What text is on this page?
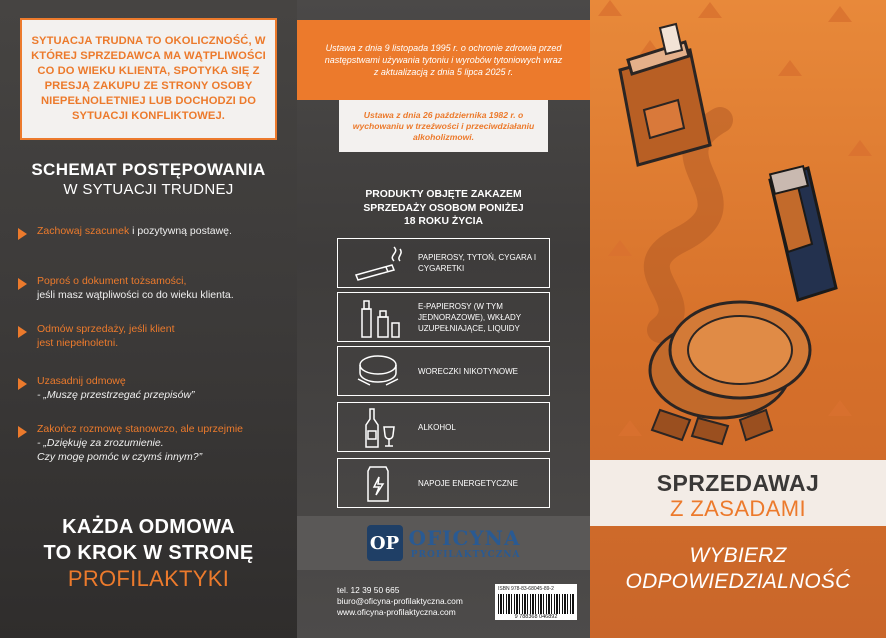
SYTUACJA TRUDNA TO OKOLICZNOŚĆ, W KTÓREJ SPRZEDAWCA MA WĄTPLIWOŚCI CO DO WIEKU KLIENTA, SPOTYKA SIĘ Z PRESJĄ ZAKUPU ZE STRONY OSOBY NIEPEŁNOLETNIEJ LUB DOCHODZI DO SYTUACJI KONFLIKTOWEJ.

SCHEMAT POSTĘPOWANIA
W SYTUACJI TRUDNEJ
Zachowaj szacunek i pozytywną postawę.
Poproś o dokument tożsamości,
jeśli masz wątpliwości co do wieku klienta.
Odmów sprzedaży, jeśli klient
jest niepełnoletni.
Uzasadnij odmowę
- „Muszę przestrzegać przepisów”
Zakończ rozmowę stanowczo, ale uprzejmie
- „Dziękuję za zrozumienie.
Czy mogę pomóc w czymś innym?”
KAŻDA ODMOWA
TO KROK W STRONĘ
PROFILAKTYKI

Ustawa z dnia 9 listopada 1995 r. o ochronie zdrowia przed następstwami używania tytoniu i wyrobów tytoniowych wraz z aktualizacją z dnia 5 lipca 2025 r.

Ustawa z dnia 26 października 1982 r. o wychowaniu w trzeźwości i przeciwdziałaniu alkoholizmowi.

PRODUKTY OBJĘTE ZAKAZEM SPRZEDAŻY OSOBOM PONIŻEJ 18 ROKU ŻYCIA
PAPIEROSY, TYTOŃ, CYGARA I CYGARETKI
E-PAPIEROSY (W TYM JEDNORAZOWE), WKŁADY UZUPEŁNIAJĄCE, LIQUIDY
WORECZKI NIKOTYNOWE
ALKOHOL
NAPOJE ENERGETYCZNE
OP OFICYNA
PROFILAKTYCZNA
tel. 12 39 50 665
biuro@oficyna-profilaktyczna.com
www.oficyna-profilaktyczna.com
ISBN 978-83-68045-89-2
9 788368 046892
SPRZEDAWAJ
Z ZASADAMI
WYBIERZ
ODPOWIEDZIALNOŚĆ
